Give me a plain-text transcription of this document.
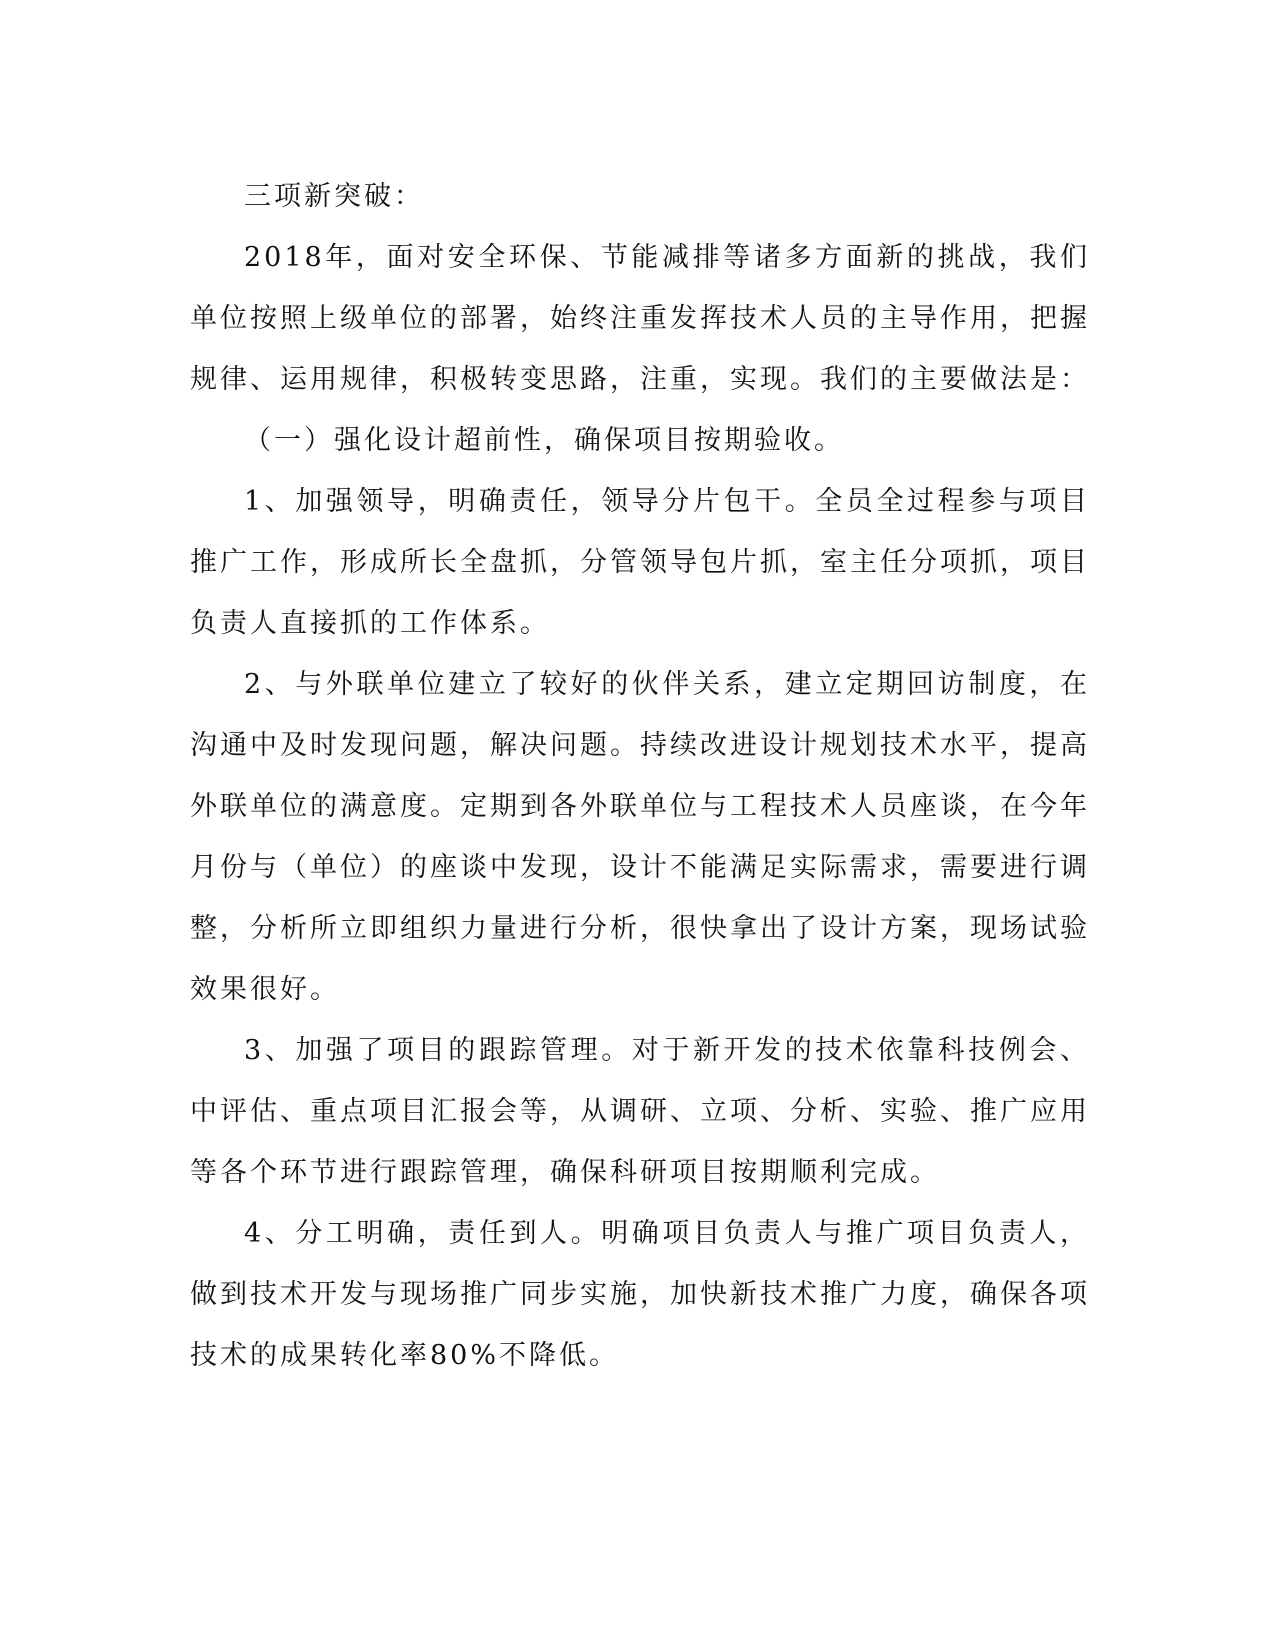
三项新突破：

2018年，面对安全环保、节能减排等诸多方面新的挑战，我们单位按照上级单位的部署，始终注重发挥技术人员的主导作用，把握规律、运用规律，积极转变思路，注重，实现。我们的主要做法是：

（一）强化设计超前性，确保项目按期验收。

1、加强领导，明确责任，领导分片包干。全员全过程参与项目推广工作，形成所长全盘抓，分管领导包片抓，室主任分项抓，项目负责人直接抓的工作体系。

2、与外联单位建立了较好的伙伴关系，建立定期回访制度，在沟通中及时发现问题，解决问题。持续改进设计规划技术水平，提高外联单位的满意度。定期到各外联单位与工程技术人员座谈，在今年月份与（单位）的座谈中发现，设计不能满足实际需求，需要进行调整，分析所立即组织力量进行分析，很快拿出了设计方案，现场试验效果很好。

3、加强了项目的跟踪管理。对于新开发的技术依靠科技例会、中评估、重点项目汇报会等，从调研、立项、分析、实验、推广应用等各个环节进行跟踪管理，确保科研项目按期顺利完成。

4、分工明确，责任到人。明确项目负责人与推广项目负责人，做到技术开发与现场推广同步实施，加快新技术推广力度，确保各项技术的成果转化率80%不降低。
